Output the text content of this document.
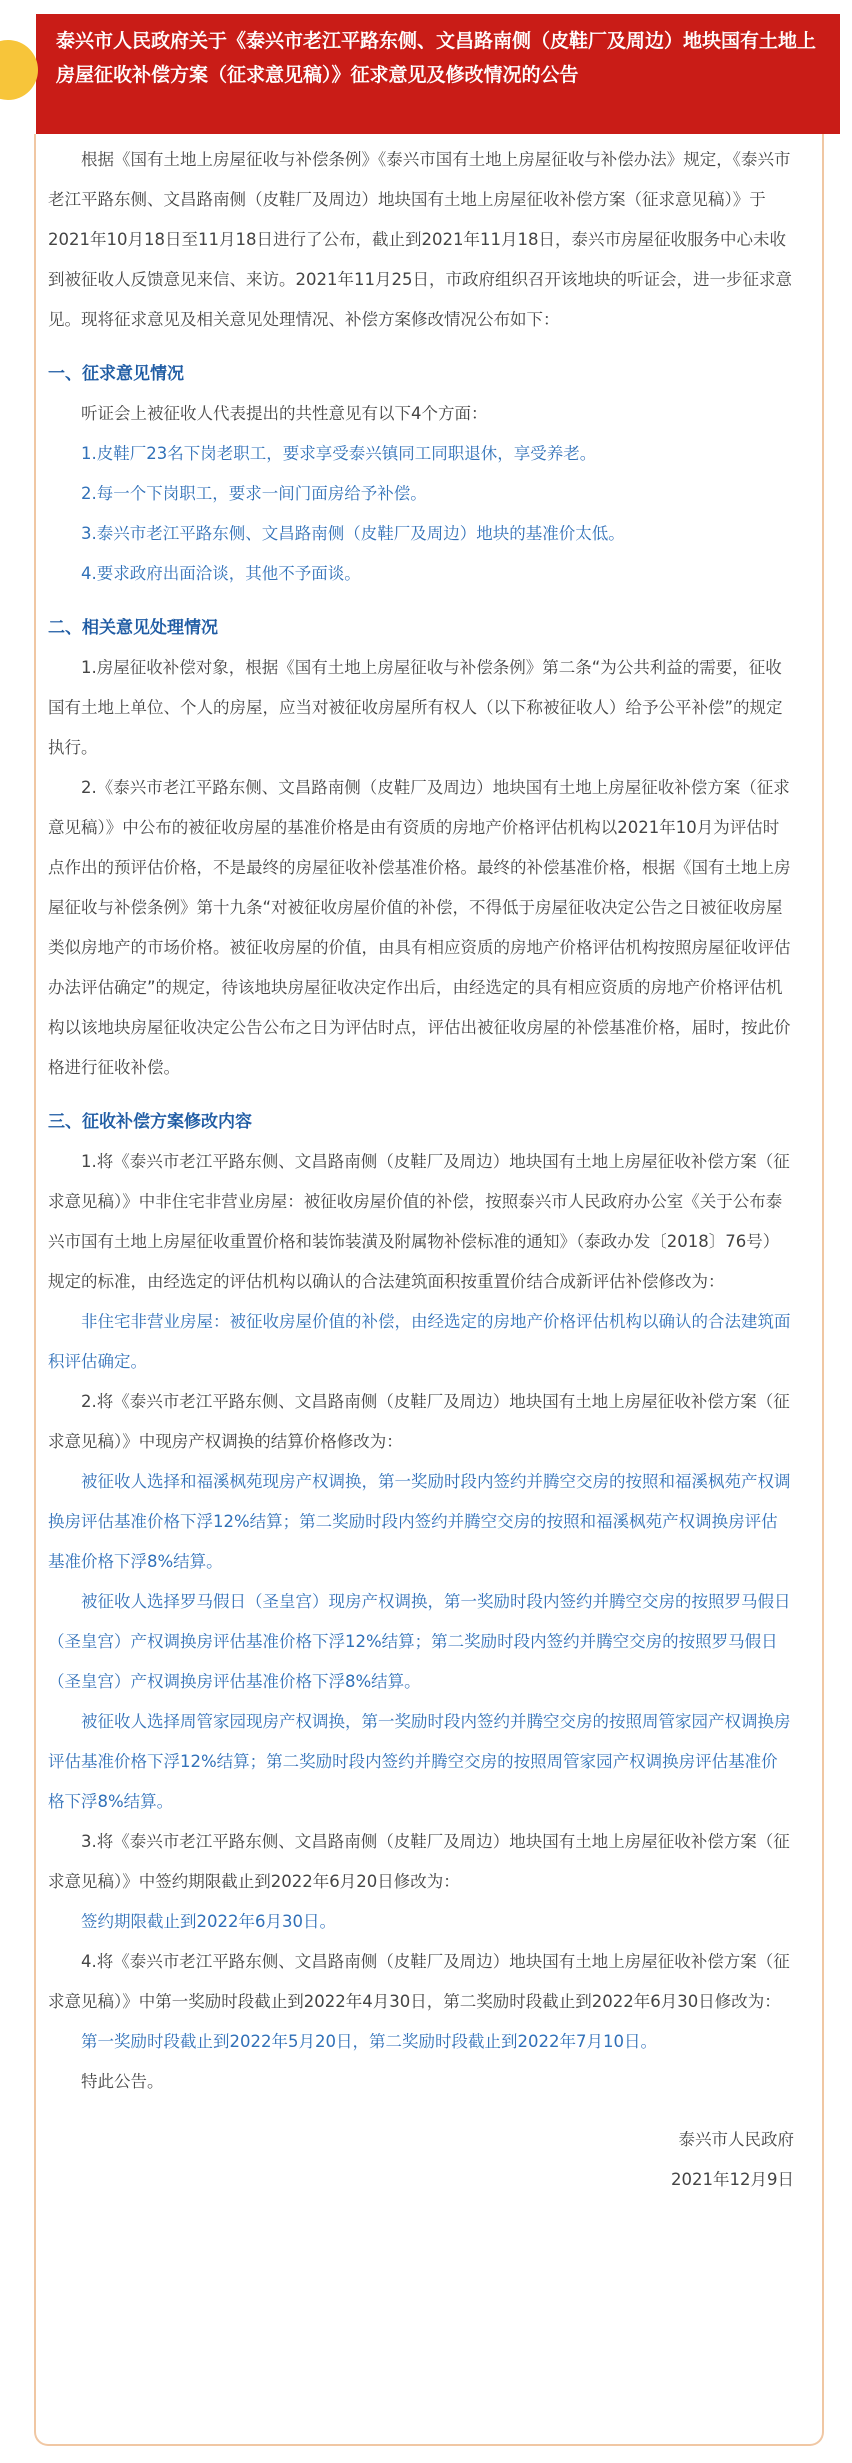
泰兴市人民政府关于《泰兴市老江平路东侧、文昌路南侧（皮鞋厂及周边）地块国有土地上房屋征收补偿方案（征求意见稿）》征求意见及修改情况的公告

根据《国有土地上房屋征收与补偿条例》《泰兴市国有土地上房屋征收与补偿办法》规定，《泰兴市老江平路东侧、文昌路南侧（皮鞋厂及周边）地块国有土地上房屋征收补偿方案（征求意见稿）》于2021年10月18日至11月18日进行了公布，截止到2021年11月18日，泰兴市房屋征收服务中心未收到被征收人反馈意见来信、来访。2021年11月25日，市政府组织召开该地块的听证会，进一步征求意见。现将征求意见及相关意见处理情况、补偿方案修改情况公布如下：

一、征求意见情况

听证会上被征收人代表提出的共性意见有以下4个方面：

1.皮鞋厂23名下岗老职工，要求享受泰兴镇同工同职退休，享受养老。

2.每一个下岗职工，要求一间门面房给予补偿。

3.泰兴市老江平路东侧、文昌路南侧（皮鞋厂及周边）地块的基准价太低。

4.要求政府出面洽谈，其他不予面谈。

二、相关意见处理情况

1.房屋征收补偿对象，根据《国有土地上房屋征收与补偿条例》第二条“为公共利益的需要，征收国有土地上单位、个人的房屋，应当对被征收房屋所有权人（以下称被征收人）给予公平补偿”的规定执行。

2.《泰兴市老江平路东侧、文昌路南侧（皮鞋厂及周边）地块国有土地上房屋征收补偿方案（征求意见稿）》中公布的被征收房屋的基准价格是由有资质的房地产价格评估机构以2021年10月为评估时点作出的预评估价格，不是最终的房屋征收补偿基准价格。最终的补偿基准价格，根据《国有土地上房屋征收与补偿条例》第十九条“对被征收房屋价值的补偿，不得低于房屋征收决定公告之日被征收房屋类似房地产的市场价格。被征收房屋的价值，由具有相应资质的房地产价格评估机构按照房屋征收评估办法评估确定”的规定，待该地块房屋征收决定作出后，由经选定的具有相应资质的房地产价格评估机构以该地块房屋征收决定公告公布之日为评估时点，评估出被征收房屋的补偿基准价格，届时，按此价格进行征收补偿。

三、征收补偿方案修改内容

1.将《泰兴市老江平路东侧、文昌路南侧（皮鞋厂及周边）地块国有土地上房屋征收补偿方案（征求意见稿）》中非住宅非营业房屋：被征收房屋价值的补偿，按照泰兴市人民政府办公室《关于公布泰兴市国有土地上房屋征收重置价格和装饰装潢及附属物补偿标准的通知》（泰政办发〔2018〕76号）规定的标准，由经选定的评估机构以确认的合法建筑面积按重置价结合成新评估补偿修改为：

非住宅非营业房屋：被征收房屋价值的补偿，由经选定的房地产价格评估机构以确认的合法建筑面积评估确定。

2.将《泰兴市老江平路东侧、文昌路南侧（皮鞋厂及周边）地块国有土地上房屋征收补偿方案（征求意见稿）》中现房产权调换的结算价格修改为：

被征收人选择和福溪枫苑现房产权调换，第一奖励时段内签约并腾空交房的按照和福溪枫苑产权调换房评估基准价格下浮12%结算；第二奖励时段内签约并腾空交房的按照和福溪枫苑产权调换房评估基准价格下浮8%结算。

被征收人选择罗马假日（圣皇宫）现房产权调换，第一奖励时段内签约并腾空交房的按照罗马假日（圣皇宫）产权调换房评估基准价格下浮12%结算；第二奖励时段内签约并腾空交房的按照罗马假日（圣皇宫）产权调换房评估基准价格下浮8%结算。

被征收人选择周管家园现房产权调换，第一奖励时段内签约并腾空交房的按照周管家园产权调换房评估基准价格下浮12%结算；第二奖励时段内签约并腾空交房的按照周管家园产权调换房评估基准价格下浮8%结算。

3.将《泰兴市老江平路东侧、文昌路南侧（皮鞋厂及周边）地块国有土地上房屋征收补偿方案（征求意见稿）》中签约期限截止到2022年6月20日修改为：

签约期限截止到2022年6月30日。

4.将《泰兴市老江平路东侧、文昌路南侧（皮鞋厂及周边）地块国有土地上房屋征收补偿方案（征求意见稿）》中第一奖励时段截止到2022年4月30日，第二奖励时段截止到2022年6月30日修改为：

第一奖励时段截止到2022年5月20日，第二奖励时段截止到2022年7月10日。

特此公告。

泰兴市人民政府

2021年12月9日
